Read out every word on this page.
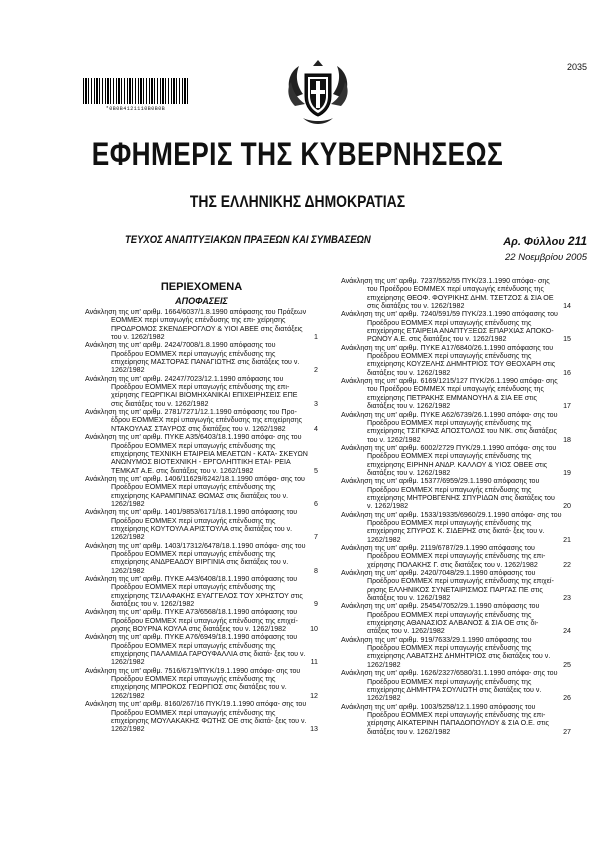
2035
*0B0B4121110B0B0B
ΕΦΗΜΕΡΙΣ ΤΗΣ ΚΥΒΕΡΝΗΣΕΩΣ
ΤΗΣ ΕΛΛΗΝΙΚΗΣ ΔΗΜΟΚΡΑΤΙΑΣ
ΤΕΥΧΟΣ ΑΝΑΠΤΥΞΙΑΚΩΝ ΠΡΑΞΕΩΝ ΚΑΙ ΣΥΜΒΑΣΕΩΝ	Αρ. Φύλλου 211
22 Νοεμβρίου 2005
ΠΕΡΙΕΧΟΜΕΝΑ
ΑΠΟΦΑΣΕΙΣ
Ανάκληση της υπ' αριθμ. 1664/6037/1.8.1990 απόφασης του Πράξεων ΕΟΜΜΕΧ περί υπαγωγής επένδυσης της επι- χείρησης ΠΡΟΔΡΟΜΟΣ ΣΚΕΝΔΕΡΟΓΛΟΥ & ΥΙΟΙ ΑΒΕΕ στις διατάξεις του ν. 1262/1982	1
Ανάκληση της υπ' αριθμ. 2424/7008/1.8.1990 απόφασης του Προέδρου ΕΟΜΜΕΧ περί υπαγωγής επένδυσης της επιχείρησης ΜΑΣΤΟΡΑΣ ΠΑΝΑΓΙΩΤΗΣ στις διατάξεις του ν. 1262/1982	2
Ανάκληση της υπ' αριθμ. 24247/7023/12.1.1990 απόφασης του Προέδρου ΕΟΜΜΕΧ περί υπαγωγής επένδυσης της επι- χείρησης ΓΕΩΡΓΙΚΑΙ ΒΙΟΜΗΧΑΝΙΚΑΙ ΕΠΙΧΕΙΡΗΣΕΙΣ ΕΠΕ στις διατάξεις του ν. 1262/1982	3
Ανάκληση της υπ' αριθμ. 2781/7271/12.1.1990 απόφασης του Προ- έδρου ΕΟΜΜΕΧ περί υπαγωγής επένδυσης της επιχείρησης ΝΤΑΚΟΥΛΑΣ ΣΤΑΥΡΟΣ στις διατάξεις του ν. 1262/1982	4
Ανάκληση της υπ' αριθμ. ΠΥΚΕ Α35/6403/18.1.1990 απόφα- σης του Προέδρου ΕΟΜΜΕΧ περί υπαγωγής επένδυσης της επιχείρησης ΤΕΧΝΙΚΗ ΕΤΑΙΡΕΙΑ ΜΕΛΕΤΩΝ - ΚΑΤΑ- ΣΚΕΥΩΝ ΑΝΩΝΥΜΟΣ ΒΙΟΤΕΧΝΙΚΗ - ΕΡΓΟΛΗΠΤΙΚΗ ΕΤΑΙ- ΡΕΙΑ ΤΕΜΚΑΤ Α.Ε. στις διατάξεις του ν. 1262/1982	5
Ανάκληση της υπ' αριθμ. 1406/11629/6242/18.1.1990 απόφα- σης του Προέδρου ΕΟΜΜΕΧ περί υπαγωγής επένδυσης της επιχείρησης ΚΑΡΑΜΠΙΝΑΣ ΘΩΜΑΣ στις διατάξεις του ν. 1262/1982	6
Ανάκληση της υπ' αριθμ. 1401/9853/6171/18.1.1990 απόφασης του Προέδρου ΕΟΜΜΕΧ περί υπαγωγής επένδυσης της επιχείρησης ΚΟΥΤΟΥΛΑ ΑΡΙΣΤΟΥΛΑ στις διατάξεις του ν. 1262/1982	7
Ανάκληση της υπ' αριθμ. 1403/17312/6478/18.1.1990 απόφα- σης του Προέδρου ΕΟΜΜΕΧ περί υπαγωγής επένδυσης της επιχείρησης ΑΝΔΡΕΑΔΟΥ ΒΙΡΓΙΝΙΑ στις διατάξεις του ν. 1262/1982	8
Ανάκληση της υπ' αριθμ. ΠΥΚΕ Α43/6408/18.1.1990 απόφασης του Προέδρου ΕΟΜΜΕΧ περί υπαγωγής επένδυσης της επιχείρησης ΤΣΙΛΑΦΑΚΗΣ ΕΥΑΓΓΕΛΟΣ ΤΟΥ ΧΡΗΣΤΟΥ στις διατάξεις του ν. 1262/1982	9
Ανάκληση της υπ' αριθμ. ΠΥΚΕ Α73/6568/18.1.1990 απόφασης του Προέδρου ΕΟΜΜΕΧ περί υπαγωγής επένδυσης της επιχεί- ρησης ΒΟΥΡΝΑ ΚΟΥΛΑ στις διατάξεις του ν. 1262/1982	10
Ανάκληση της υπ' αριθμ. ΠΥΚΕ Α76/6949/18.1.1990 απόφασης του Προέδρου ΕΟΜΜΕΧ περί υπαγωγής επένδυσης της επιχείρησης ΠΑΛΑΜΙΔΑ ΓΑΡΟΥΦΑΛΛΙΑ στις διατά- ξεις του ν. 1262/1982	11
Ανάκληση της υπ' αριθμ. 7516/6719/ΠΥΚ/19.1.1990 απόφα- σης του Προέδρου ΕΟΜΜΕΧ περί υπαγωγής επένδυσης της επιχείρησης ΜΠΡΟΚΟΣ ΓΕΩΡΓΙΟΣ στις διατάξεις του ν. 1262/1982	12
Ανάκληση της υπ' αριθμ. 8160/267/16 ΠΥΚ/19.1.1990 απόφα- σης του Προέδρου ΕΟΜΜΕΧ περί υπαγωγής επένδυσης της επιχείρησης ΜΟΥΛΑΚΑΚΗΣ ΦΩΤΗΣ ΟΕ στις διατά- ξεις του ν. 1262/1982	13
Ανάκληση της υπ' αριθμ. 7237/552/55 ΠΥΚ/23.1.1990 απόφα- σης του Προέδρου ΕΟΜΜΕΧ περί υπαγωγής επένδυσης της επιχείρησης ΘΕΟΦ. ΦΟΥΡΙΚΗΣ ΔΗΜ. ΤΣΕΤΖΟΣ & ΣΙΑ ΟΕ στις διατάξεις του ν. 1262/1982	14
Ανάκληση της υπ' αριθμ. 7240/591/59 ΠΥΚ/23.1.1990 απόφασης του Προέδρου ΕΟΜΜΕΧ περί υπαγωγής επένδυσης της επιχείρησης ΕΤΑΙΡΕΙΑ ΑΝΑΠΤΥΞΕΩΣ ΕΠΑΡΧΙΑΣ ΑΠΟΚΟ- ΡΩΝΟΥ Α.Ε. στις διατάξεις του ν. 1262/1982	15
Ανάκληση της υπ' αριθμ. ΠΥΚΕ Α17/6840/26.1.1990 απόφασης του Προέδρου ΕΟΜΜΕΧ περί υπαγωγής επένδυσης της επιχείρησης ΚΟΥΖΕΛΗΣ ΔΗΜΗΤΡΙΟΣ ΤΟΥ ΘΕΟΧΑΡΗ στις διατάξεις του ν. 1262/1982	16
Ανάκληση της υπ' αριθμ. 6169/1215/127 ΠΥΚ/26.1.1990 απόφα- σης του Προέδρου ΕΟΜΜΕΧ περί υπαγωγής επένδυσης της επιχείρησης ΠΕΤΡΑΚΗΣ ΕΜΜΑΝΟΥΗΛ & ΣΙΑ ΕΕ στις διατάξεις του ν. 1262/1982	17
Ανάκληση της υπ' αριθμ. ΠΥΚΕ Α62/6739/26.1.1990 απόφα- σης του Προέδρου ΕΟΜΜΕΧ περί υπαγωγής επένδυσης της επιχείρησης ΤΣΙΓΚΡΑΣ ΑΠΟΣΤΟΛΟΣ του ΝΙΚ. στις διατάξεις του ν. 1262/1982	18
Ανάκληση της υπ' αριθμ. 6002/2729 ΠΥΚ/29.1.1990 απόφα- σης του Προέδρου ΕΟΜΜΕΧ περί υπαγωγής επένδυσης της επιχείρησης ΕΙΡΗΝΗ ΑΝΔΡ. ΚΑΛΛΟΥ & ΥΙΟΣ ΟΒΕΕ στις διατάξεις του ν. 1262/1982	19
Ανάκληση της υπ' αριθμ. 15377/6959/29.1.1990 απόφασης του Προέδρου ΕΟΜΜΕΧ περί υπαγωγής επένδυσης της επιχείρησης ΜΗΤΡΟΒΓΕΝΗΣ ΣΠΥΡΙΔΩΝ στις διατάξεις του ν. 1262/1982	20
Ανάκληση της υπ' αριθμ. 1533/19335/6960/29.1.1990 απόφα- σης του Προέδρου ΕΟΜΜΕΧ περί υπαγωγής επένδυσης της επιχείρησης ΣΠΥΡΟΣ Κ. ΣΙΔΕΡΗΣ στις διατά- ξεις του ν. 1262/1982	21
Ανάκληση της υπ' αριθμ. 2119/6787/29.1.1990 απόφασης του Προέδρου ΕΟΜΜΕΧ περί υπαγωγής επένδυσης της επι- χείρησης ΠΟΛΑΚΗΣ Γ. στις διατάξεις του ν. 1262/1982	22
Ανάκληση της υπ' αριθμ. 2420/7048/29.1.1990 απόφασης του Προέδρου ΕΟΜΜΕΧ περί υπαγωγής επένδυσης της επιχεί- ρησης ΕΛΛΗΝΙΚΟΣ ΣΥΝΕΤΑΙΡΙΣΜΟΣ ΠΑΡΓΑΣ ΠΕ στις διατάξεις του ν. 1262/1982	23
Ανάκληση της υπ' αριθμ. 25454/7052/29.1.1990 απόφασης του Προέδρου ΕΟΜΜΕΧ περί υπαγωγής επένδυσης της επιχείρησης ΑΘΑΝΑΣΙΟΣ ΑΛΒΑΝΟΣ & ΣΙΑ ΟΕ στις δι- ατάξεις του ν. 1262/1982	24
Ανάκληση της υπ' αριθμ. 919/7633/29.1.1990 απόφασης του Προέδρου ΕΟΜΜΕΧ περί υπαγωγής επένδυσης της επιχείρησης ΛΑΒΑΤΣΗΣ ΔΗΜΗΤΡΙΟΣ στις διατάξεις του ν. 1262/1982	25
Ανάκληση της υπ' αριθμ. 1626/2327/6580/31.1.1990 απόφα- σης του Προέδρου ΕΟΜΜΕΧ περί υπαγωγής επένδυσης της επιχείρησης ΔΗΜΗΤΡΑ ΣΟΥΛΙΩΤΗ στις διατάξεις του ν. 1262/1982	26
Ανάκληση της υπ' αριθμ. 1003/5258/12.1.1990 απόφασης του Προέδρου ΕΟΜΜΕΧ περί υπαγωγής επένδυσης της επι- χείρησης ΑΙΚΑΤΕΡΙΝΗ ΠΑΠΑΔΟΠΟΥΛΟΥ & ΣΙΑ Ο.Ε. στις διατάξεις του ν. 1262/1982	27
